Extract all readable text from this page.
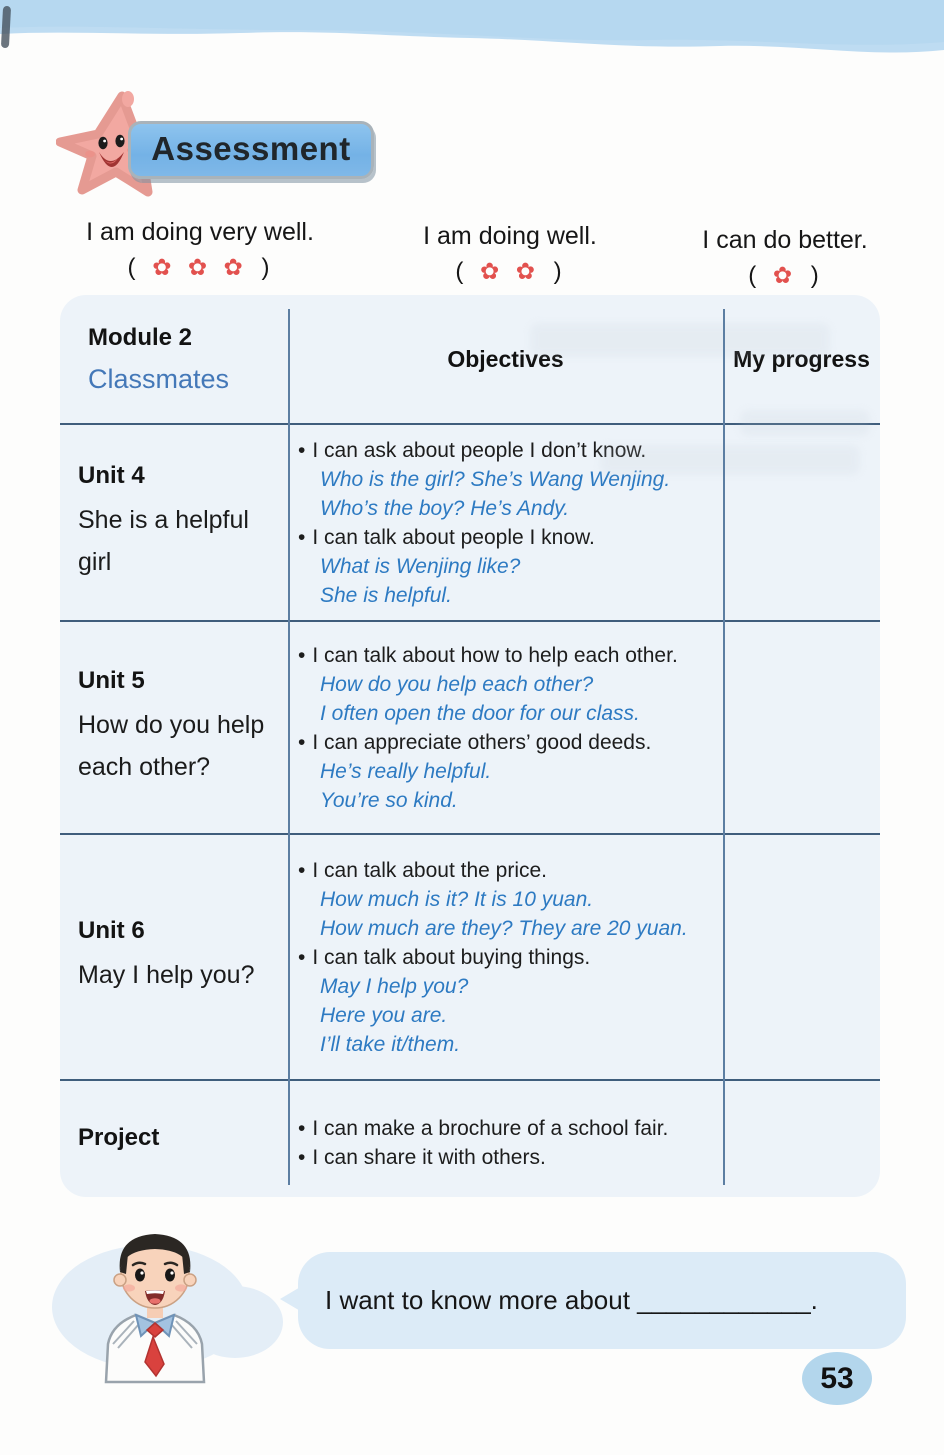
Assessment
I am doing very well.
( ✿ ✿ ✿ )
I am doing well.
( ✿ ✿ )
I can do better.
( ✿ )
Module 2
Classmates
Objectives	My progress
Unit 4
She is a helpful girl
• I can ask about people I don’t know.
Who is the girl? She’s Wang Wenjing.
Who’s the boy? He’s Andy.
• I can talk about people I know.
What is Wenjing like?
She is helpful.
Unit 5
How do you help each other?
• I can talk about how to help each other.
How do you help each other?
I often open the door for our class.
• I can appreciate others’ good deeds.
He’s really helpful.
You’re so kind.
Unit 6
May I help you?
• I can talk about the price.
How much is it? It is 10 yuan.
How much are they? They are 20 yuan.
• I can talk about buying things.
May I help you?
Here you are.
I’ll take it/them.
Project	• I can make a brochure of a school fair.
• I can share it with others.
I want to know more about ____________.
53
